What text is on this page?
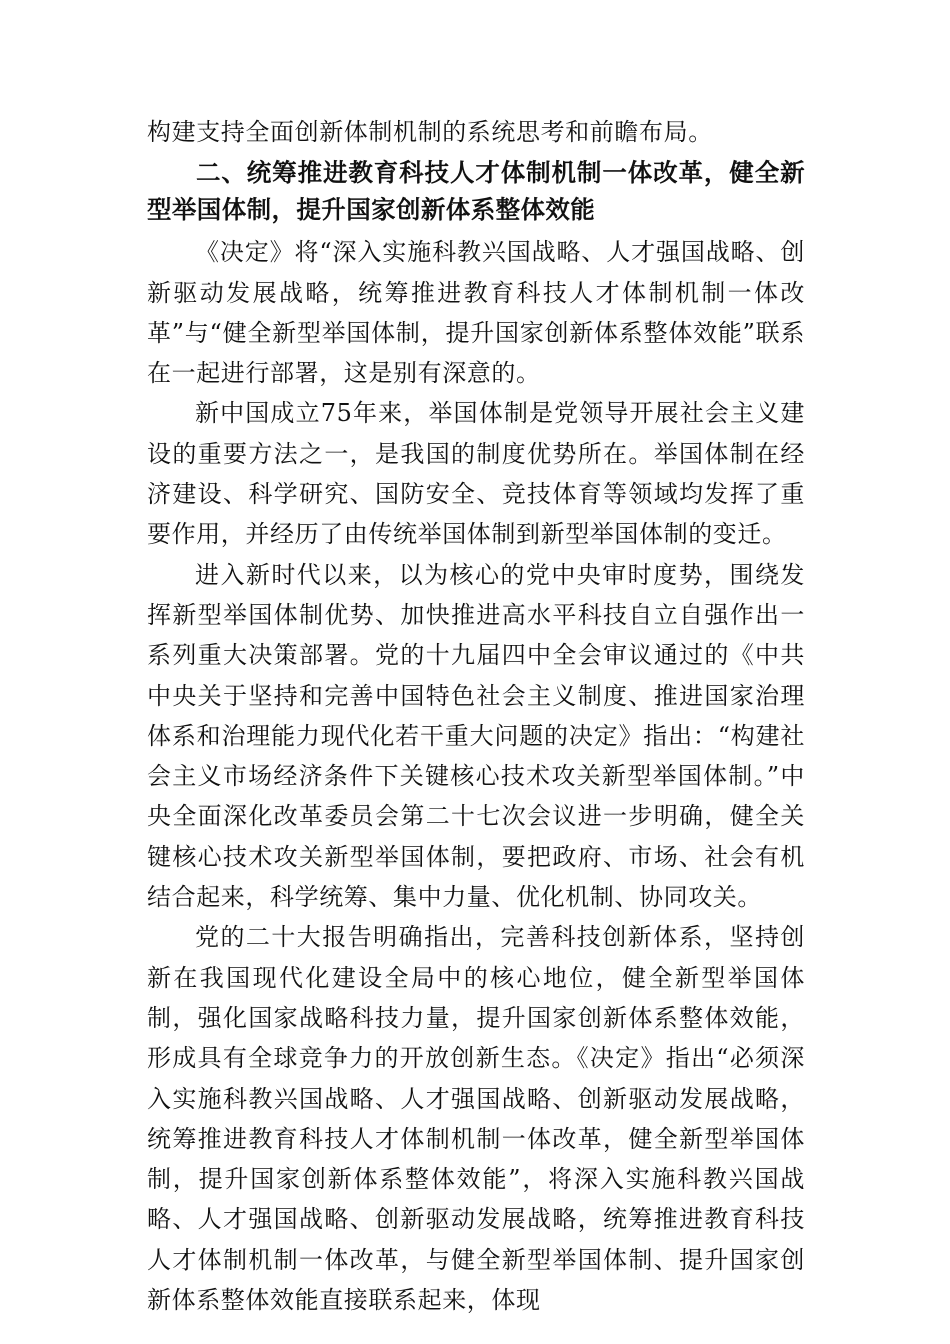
构建支持全面创新体制机制的系统思考和前瞻布局。

二、统筹推进教育科技人才体制机制一体改革，健全新型举国体制，提升国家创新体系整体效能

《决定》将“深入实施科教兴国战略、人才强国战略、创新驱动发展战略，统筹推进教育科技人才体制机制一体改革”与“健全新型举国体制，提升国家创新体系整体效能”联系在一起进行部署，这是别有深意的。

新中国成立75年来，举国体制是党领导开展社会主义建设的重要方法之一，是我国的制度优势所在。举国体制在经济建设、科学研究、国防安全、竞技体育等领域均发挥了重要作用，并经历了由传统举国体制到新型举国体制的变迁。

进入新时代以来，以为核心的党中央审时度势，围绕发挥新型举国体制优势、加快推进高水平科技自立自强作出一系列重大决策部署。党的十九届四中全会审议通过的《中共中央关于坚持和完善中国特色社会主义制度、推进国家治理体系和治理能力现代化若干重大问题的决定》指出：“构建社会主义市场经济条件下关键核心技术攻关新型举国体制。”中央全面深化改革委员会第二十七次会议进一步明确，健全关键核心技术攻关新型举国体制，要把政府、市场、社会有机结合起来，科学统筹、集中力量、优化机制、协同攻关。

党的二十大报告明确指出，完善科技创新体系，坚持创新在我国现代化建设全局中的核心地位，健全新型举国体制，强化国家战略科技力量，提升国家创新体系整体效能，形成具有全球竞争力的开放创新生态。《决定》指出“必须深入实施科教兴国战略、人才强国战略、创新驱动发展战略，统筹推进教育科技人才体制机制一体改革，健全新型举国体制，提升国家创新体系整体效能”，将深入实施科教兴国战略、人才强国战略、创新驱动发展战略，统筹推进教育科技人才体制机制一体改革，与健全新型举国体制、提升国家创新体系整体效能直接联系起来，体现
